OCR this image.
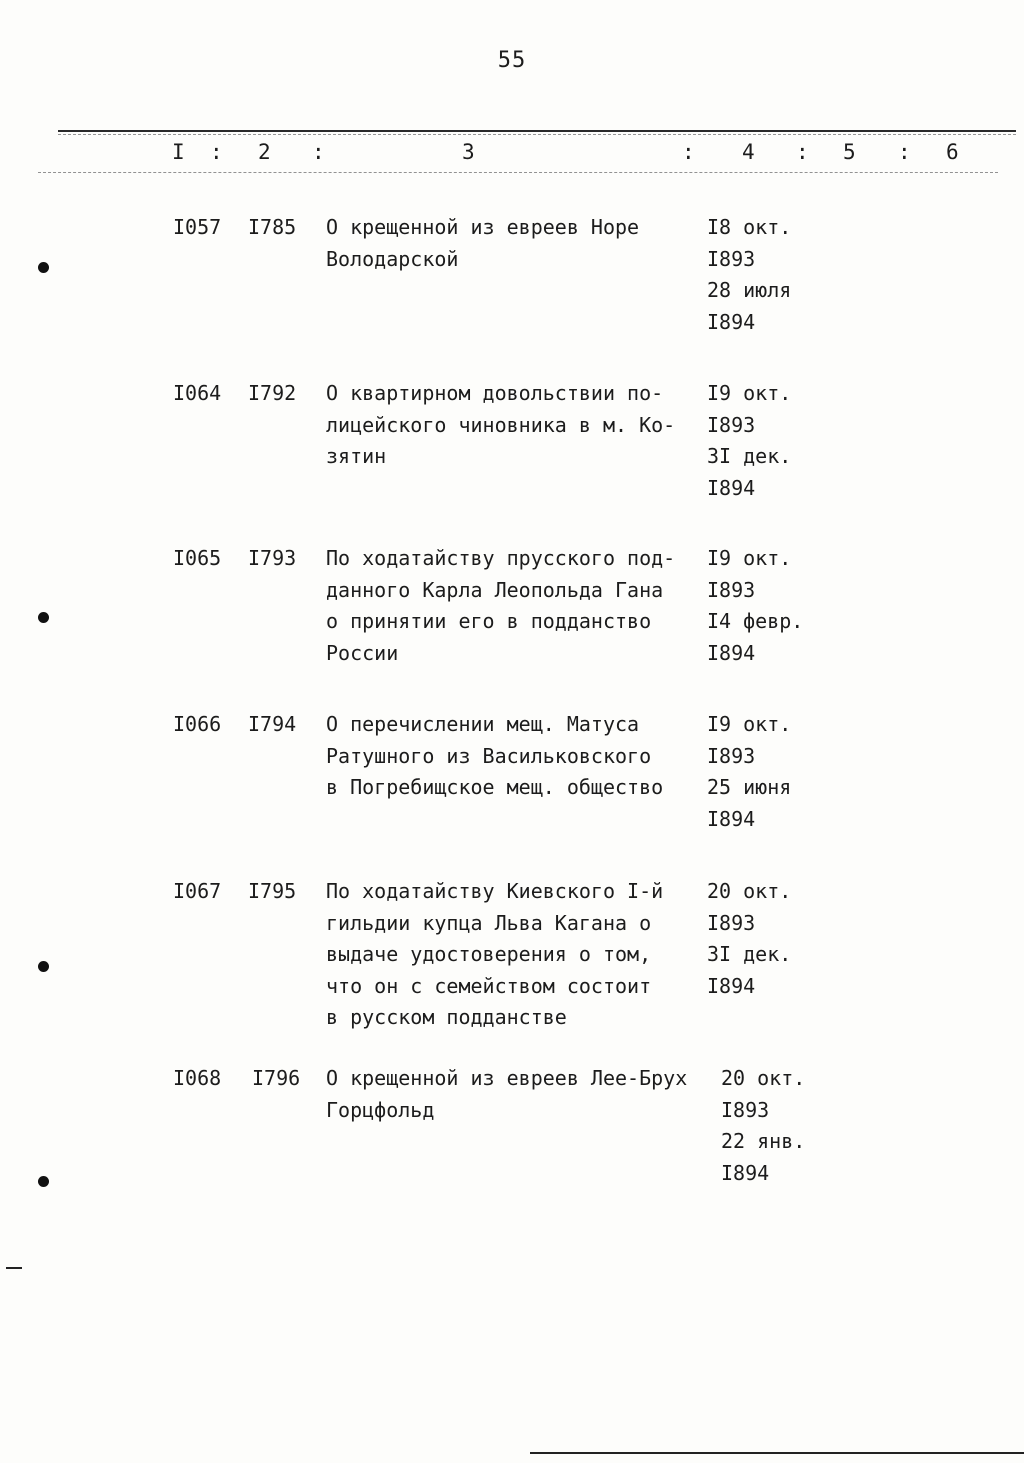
55
I : 2 :	3	: 4 : 5 : 6
I057 I785 О крещенной из евреев Норе
Володарской
I8 окт.
I893
28 июля
I894
I064 I792 О квартирном довольствии по-
лицейского чиновника в м. Ко-
зятин
I9 окт.
I893
3I дек.
I894
I065 I793 По ходатайству прусского под-
данного Карла Леопольда Гана
о принятии его в подданство
России
I9 окт.
I893
I4 февр.
I894
I066 I794 О перечислении мещ. Матуса
Ратушного из Васильковского
в Погребищское мещ. общество
I9 окт.
I893
25 июня
I894
I067 I795 По ходатайству Киевского I-й
гильдии купца Льва Кагана о
выдаче удостоверения о том,
что он с семейством состоит
в русском подданстве
20 окт.
I893
3I дек.
I894
I068 I796 О крещенной из евреев Лее-Брух
Горцфольд
20 окт.
I893
22 янв.
I894
